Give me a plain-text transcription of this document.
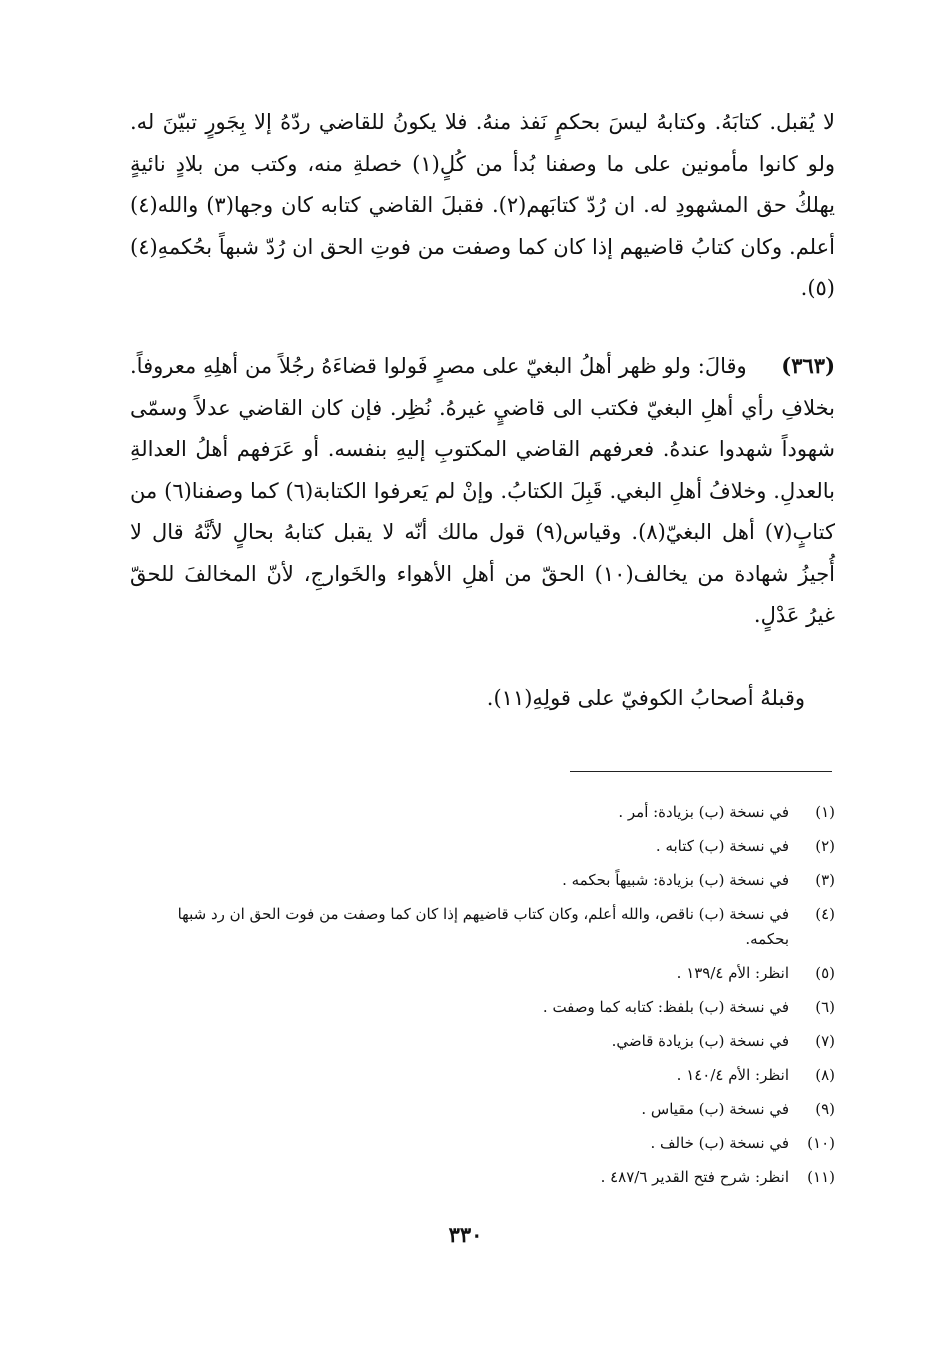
لا يُقبل. كتابَهُ. وكتابهُ ليسَ بحكمٍ نَفذ منهُ. فلا يكونُ للقاضي ردّهُ إلا بِجَورٍ تبيّنَ له. ولو كانوا مأمونين على ما وصفنا بُدأ من كُلٍ(١) خصلةِ منه، وكتب من بلادٍ نائيةٍ يهلكُ حق المشهودِ له. ان رُدّ كتابَهم(٢). فقبلَ القاضي كتابه كان وجها(٣) والله(٤) أعلم. وكان كتابُ قاضيهم إذا كان كما وصفت من فوتِ الحق ان رُدّ شبهاً بحُكمهِ(٤) (٥).
(٣٦٣)   وقالَ: ولو ظهر أهلُ البغيّ على مصرٍ فَولوا قضاءَهُ رجُلاً من أهلِهِ معروفاً. بخلافِ رأي أهلِ البغيّ فكتب الى قاضيٍ غيرهُ. نُظِر. فإن كان القاضي عدلاً وسمّى شهوداً شهدوا عندهُ. فعرفهم القاضي المكتوبِ إليهِ بنفسه. أو عَرَفهم أهلُ العدالةِ بالعدلِ. وخلافُ أهلِ البغي. قَبِلَ الكتابُ. وإنْ لم يَعرفوا الكتابة(٦) كما وصفنا(٦) من كتابٍ(٧) أهل البغيّ(٨). وقياس(٩) قول مالك أنّه لا يقبل كتابهُ بحالٍ لأنَّهُ قال لا أُجيزُ شهادة من يخالف(١٠) الحقّ من أهلِ الأهواء والخَوارجِ، لأنّ المخالفَ للحقّ غيرُ عَدْلٍ.
وقبلهُ أصحابُ الكوفيّ على قولِهِ(١١).
(١)
في نسخة (ب) بزيادة: أمر .
(٢)
في نسخة (ب) كتابه .
(٣)
في نسخة (ب) بزيادة: شبيهاً بحكمه .
(٤)
في نسخة (ب) ناقص، والله أعلم، وكان كتاب قاضيهم إذا كان كما وصفت من فوت الحق ان رد شبها بحكمه.
(٥)
انظر: الأم ١٣٩/٤ .
(٦)
في نسخة (ب) بلفظ: كتابه كما وصفت .
(٧)
في نسخة (ب) بزيادة قاضي.
(٨)
انظر: الأم ١٤٠/٤ .
(٩)
في نسخة (ب) مقياس .
(١٠)
في نسخة (ب) خالف .
(١١)
انظر: شرح فتح القدير ٤٨٧/٦ .
٣٣٠
